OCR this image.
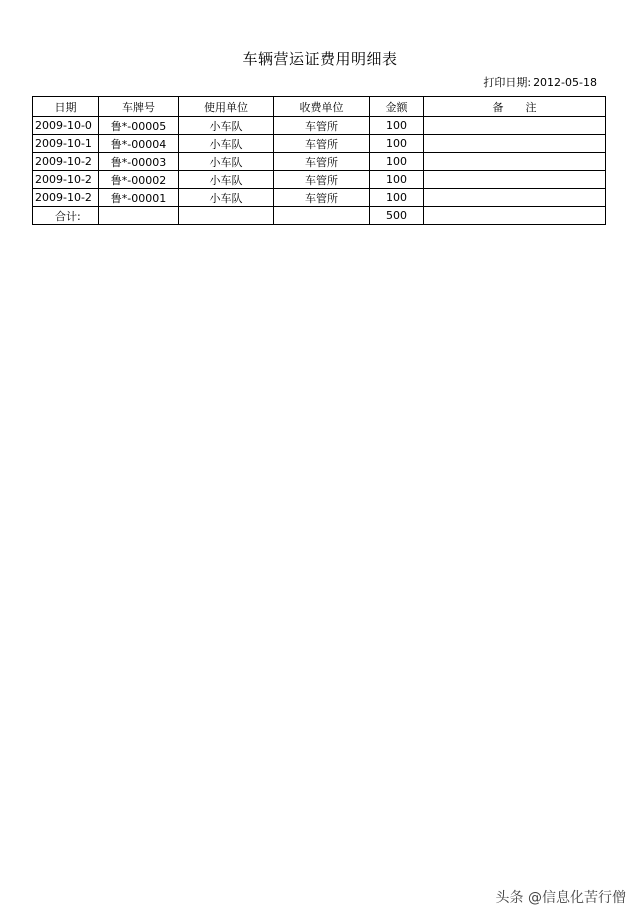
车辆营运证费用明细表
打印日期: 2012-05-18
日期	车牌号	使用单位	收费单位	金额	备　　注
2009-10-0	鲁*-00005	小车队	车管所	100	
2009-10-1	鲁*-00004	小车队	车管所	100	
2009-10-2	鲁*-00003	小车队	车管所	100	
2009-10-2	鲁*-00002	小车队	车管所	100	
2009-10-2	鲁*-00001	小车队	车管所	100	
合计:				500	
头条 @信息化苦行僧
